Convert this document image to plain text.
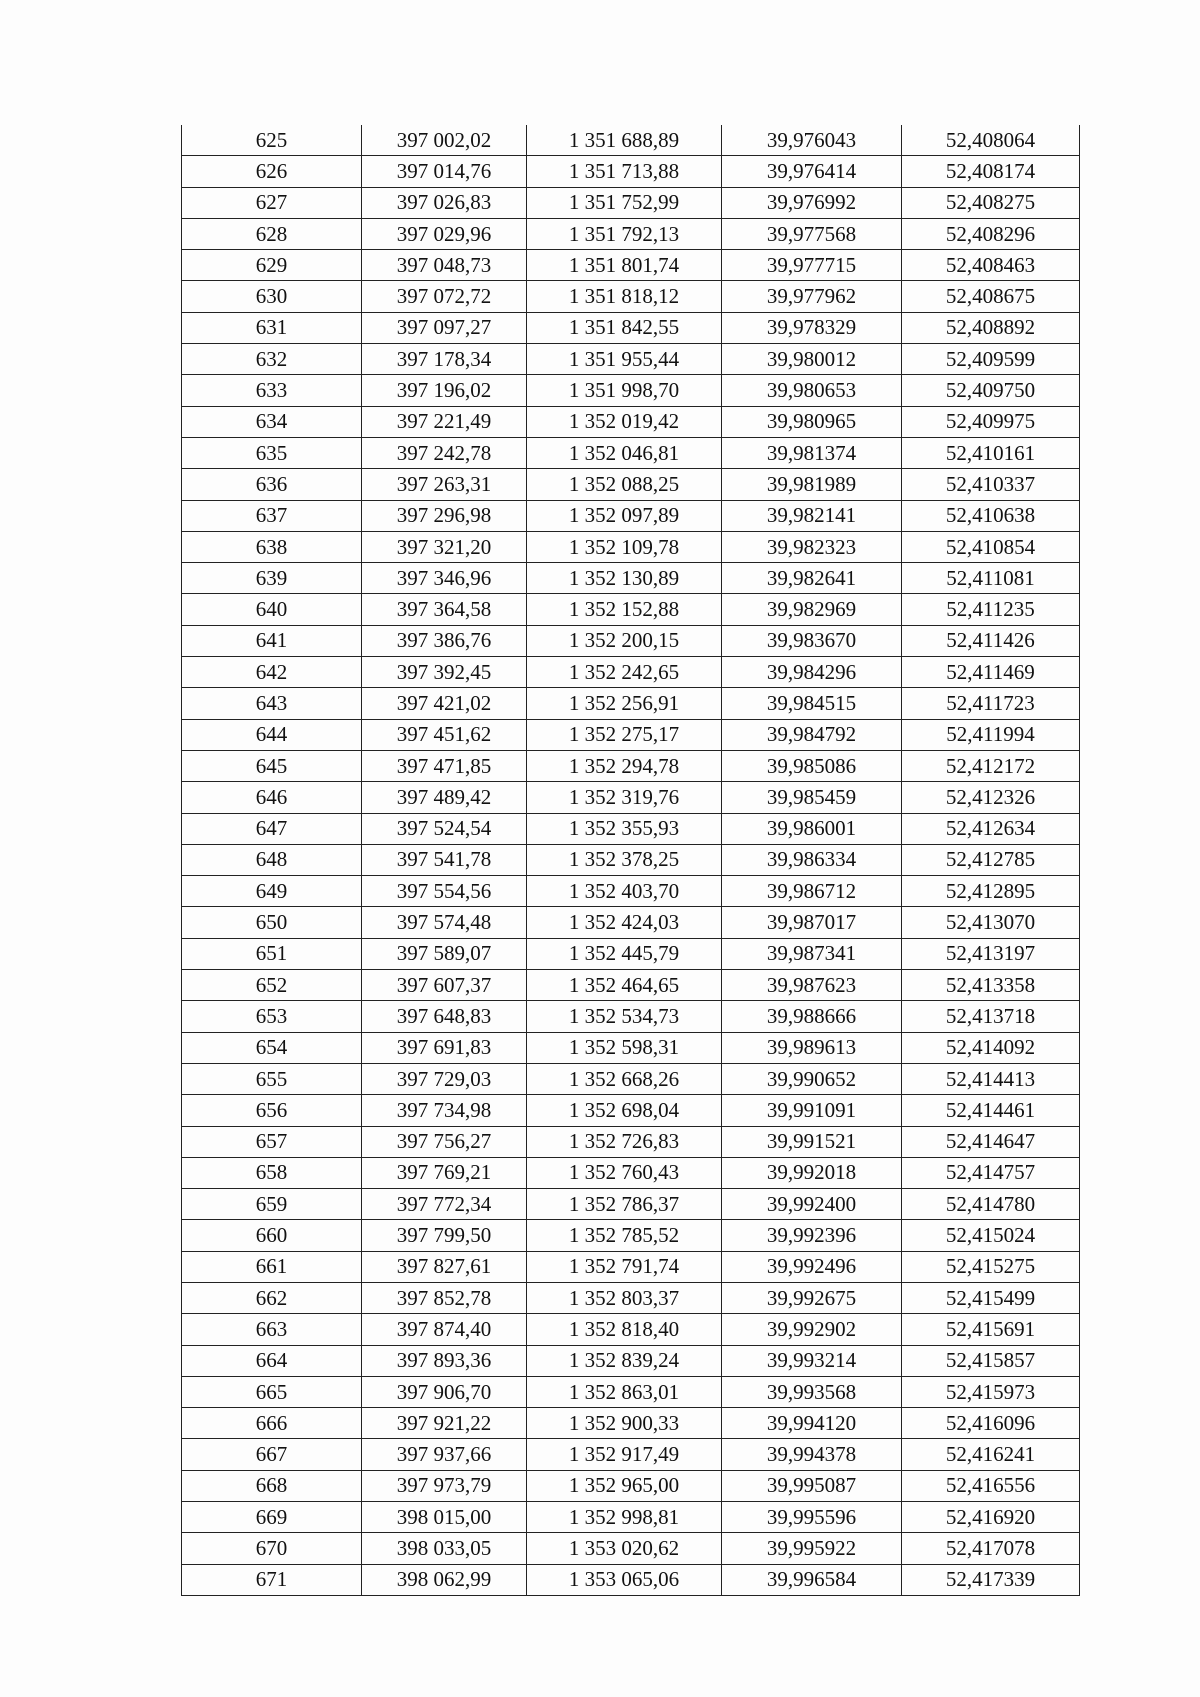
625	397 002,02	1 351 688,89	39,976043	52,408064
626	397 014,76	1 351 713,88	39,976414	52,408174
627	397 026,83	1 351 752,99	39,976992	52,408275
628	397 029,96	1 351 792,13	39,977568	52,408296
629	397 048,73	1 351 801,74	39,977715	52,408463
630	397 072,72	1 351 818,12	39,977962	52,408675
631	397 097,27	1 351 842,55	39,978329	52,408892
632	397 178,34	1 351 955,44	39,980012	52,409599
633	397 196,02	1 351 998,70	39,980653	52,409750
634	397 221,49	1 352 019,42	39,980965	52,409975
635	397 242,78	1 352 046,81	39,981374	52,410161
636	397 263,31	1 352 088,25	39,981989	52,410337
637	397 296,98	1 352 097,89	39,982141	52,410638
638	397 321,20	1 352 109,78	39,982323	52,410854
639	397 346,96	1 352 130,89	39,982641	52,411081
640	397 364,58	1 352 152,88	39,982969	52,411235
641	397 386,76	1 352 200,15	39,983670	52,411426
642	397 392,45	1 352 242,65	39,984296	52,411469
643	397 421,02	1 352 256,91	39,984515	52,411723
644	397 451,62	1 352 275,17	39,984792	52,411994
645	397 471,85	1 352 294,78	39,985086	52,412172
646	397 489,42	1 352 319,76	39,985459	52,412326
647	397 524,54	1 352 355,93	39,986001	52,412634
648	397 541,78	1 352 378,25	39,986334	52,412785
649	397 554,56	1 352 403,70	39,986712	52,412895
650	397 574,48	1 352 424,03	39,987017	52,413070
651	397 589,07	1 352 445,79	39,987341	52,413197
652	397 607,37	1 352 464,65	39,987623	52,413358
653	397 648,83	1 352 534,73	39,988666	52,413718
654	397 691,83	1 352 598,31	39,989613	52,414092
655	397 729,03	1 352 668,26	39,990652	52,414413
656	397 734,98	1 352 698,04	39,991091	52,414461
657	397 756,27	1 352 726,83	39,991521	52,414647
658	397 769,21	1 352 760,43	39,992018	52,414757
659	397 772,34	1 352 786,37	39,992400	52,414780
660	397 799,50	1 352 785,52	39,992396	52,415024
661	397 827,61	1 352 791,74	39,992496	52,415275
662	397 852,78	1 352 803,37	39,992675	52,415499
663	397 874,40	1 352 818,40	39,992902	52,415691
664	397 893,36	1 352 839,24	39,993214	52,415857
665	397 906,70	1 352 863,01	39,993568	52,415973
666	397 921,22	1 352 900,33	39,994120	52,416096
667	397 937,66	1 352 917,49	39,994378	52,416241
668	397 973,79	1 352 965,00	39,995087	52,416556
669	398 015,00	1 352 998,81	39,995596	52,416920
670	398 033,05	1 353 020,62	39,995922	52,417078
671	398 062,99	1 353 065,06	39,996584	52,417339
